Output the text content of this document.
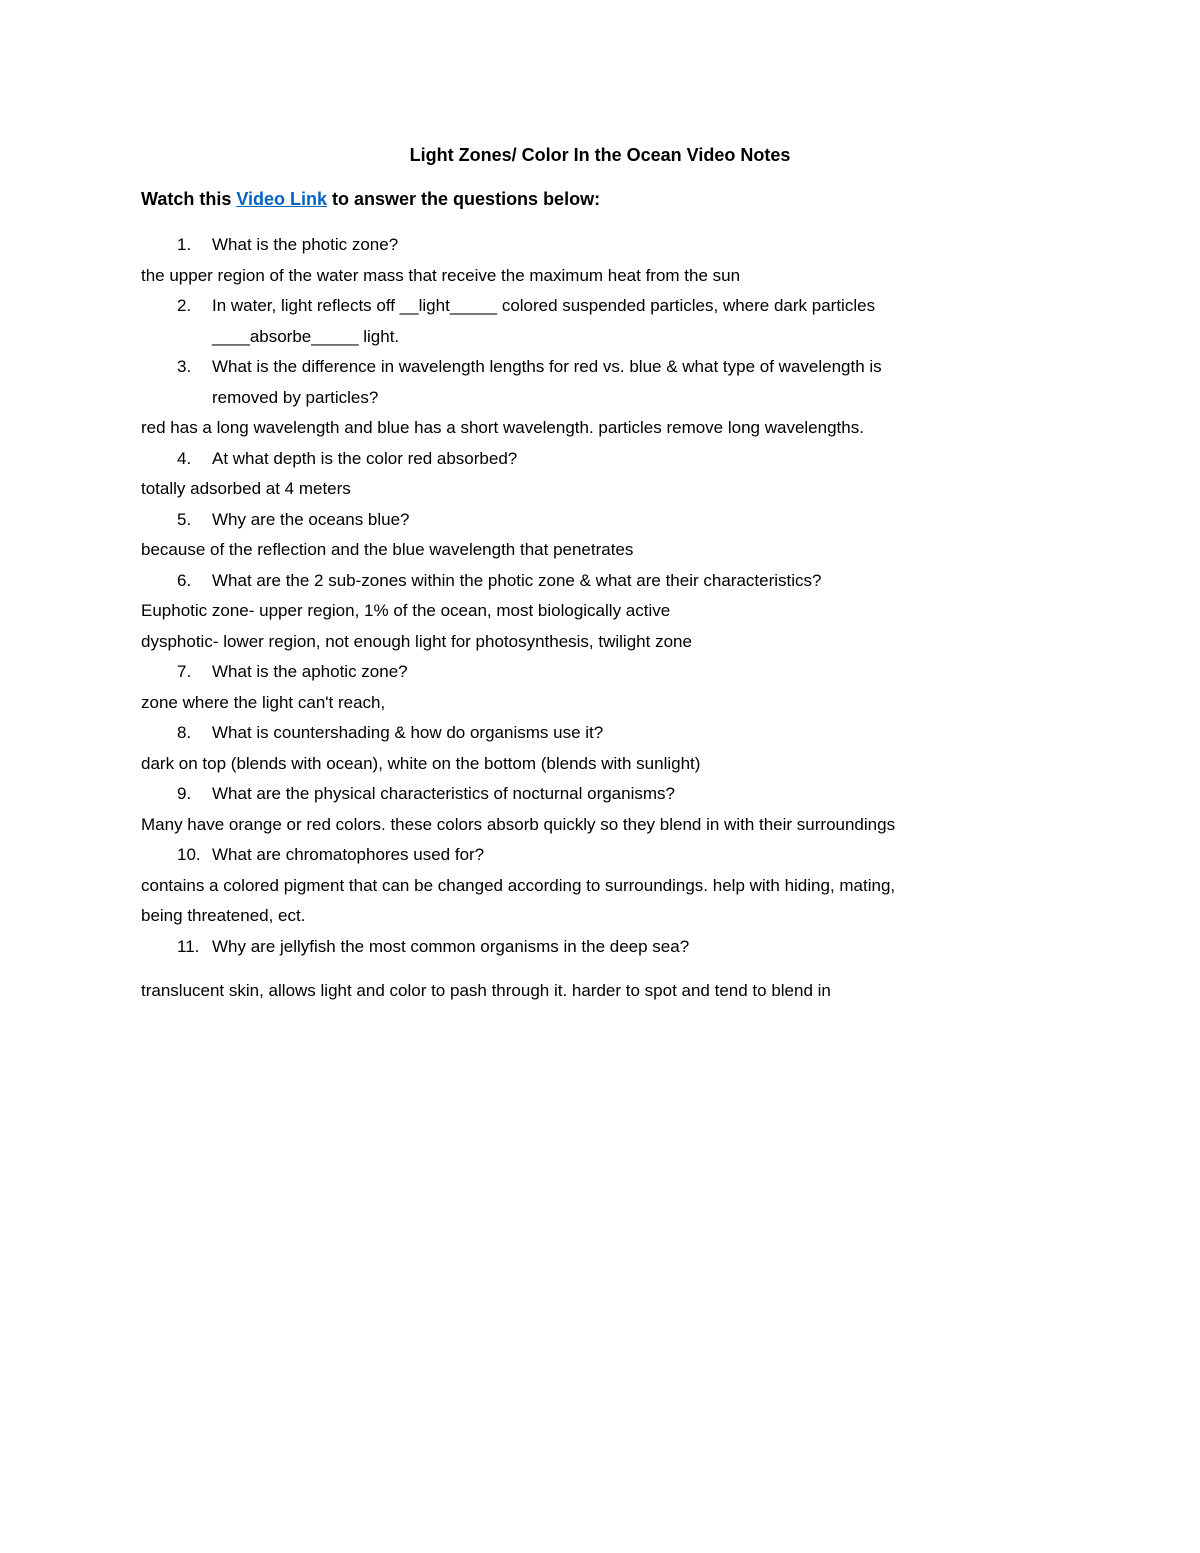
Light Zones/ Color In the Ocean Video Notes
Watch this Video Link to answer the questions below:
1.	What is the photic zone?
the upper region of the water mass that receive the maximum heat from the sun
2.	In water, light reflects off __light_____ colored suspended particles, where dark particles
____absorbe_____ light.
3.	What is the difference in wavelength lengths for red vs. blue & what type of wavelength is
removed by particles?
red has a long wavelength and blue has a short wavelength. particles remove long wavelengths.
4.	At what depth is the color red absorbed?
totally adsorbed at 4 meters
5.	Why are the oceans blue?
because of the reflection and the blue wavelength that penetrates
6.	What are the 2 sub-zones within the photic zone & what are their characteristics?
Euphotic zone- upper region, 1% of the ocean, most biologically active
dysphotic- lower region, not enough light for photosynthesis, twilight zone
7.	What is the aphotic zone?
zone where the light can't reach,
8.	What is countershading & how do organisms use it?
dark on top (blends with ocean), white on the bottom (blends with sunlight)
9.	What are the physical characteristics of nocturnal organisms?
Many have orange or red colors. these colors absorb quickly so they blend in with their surroundings
10. What are chromatophores used for?
contains a colored pigment that can be changed according to surroundings. help with hiding, mating,
being threatened, ect.
11. Why are jellyfish the most common organisms in the deep sea?
translucent skin, allows light and color to pash through it. harder to spot and tend to blend in
